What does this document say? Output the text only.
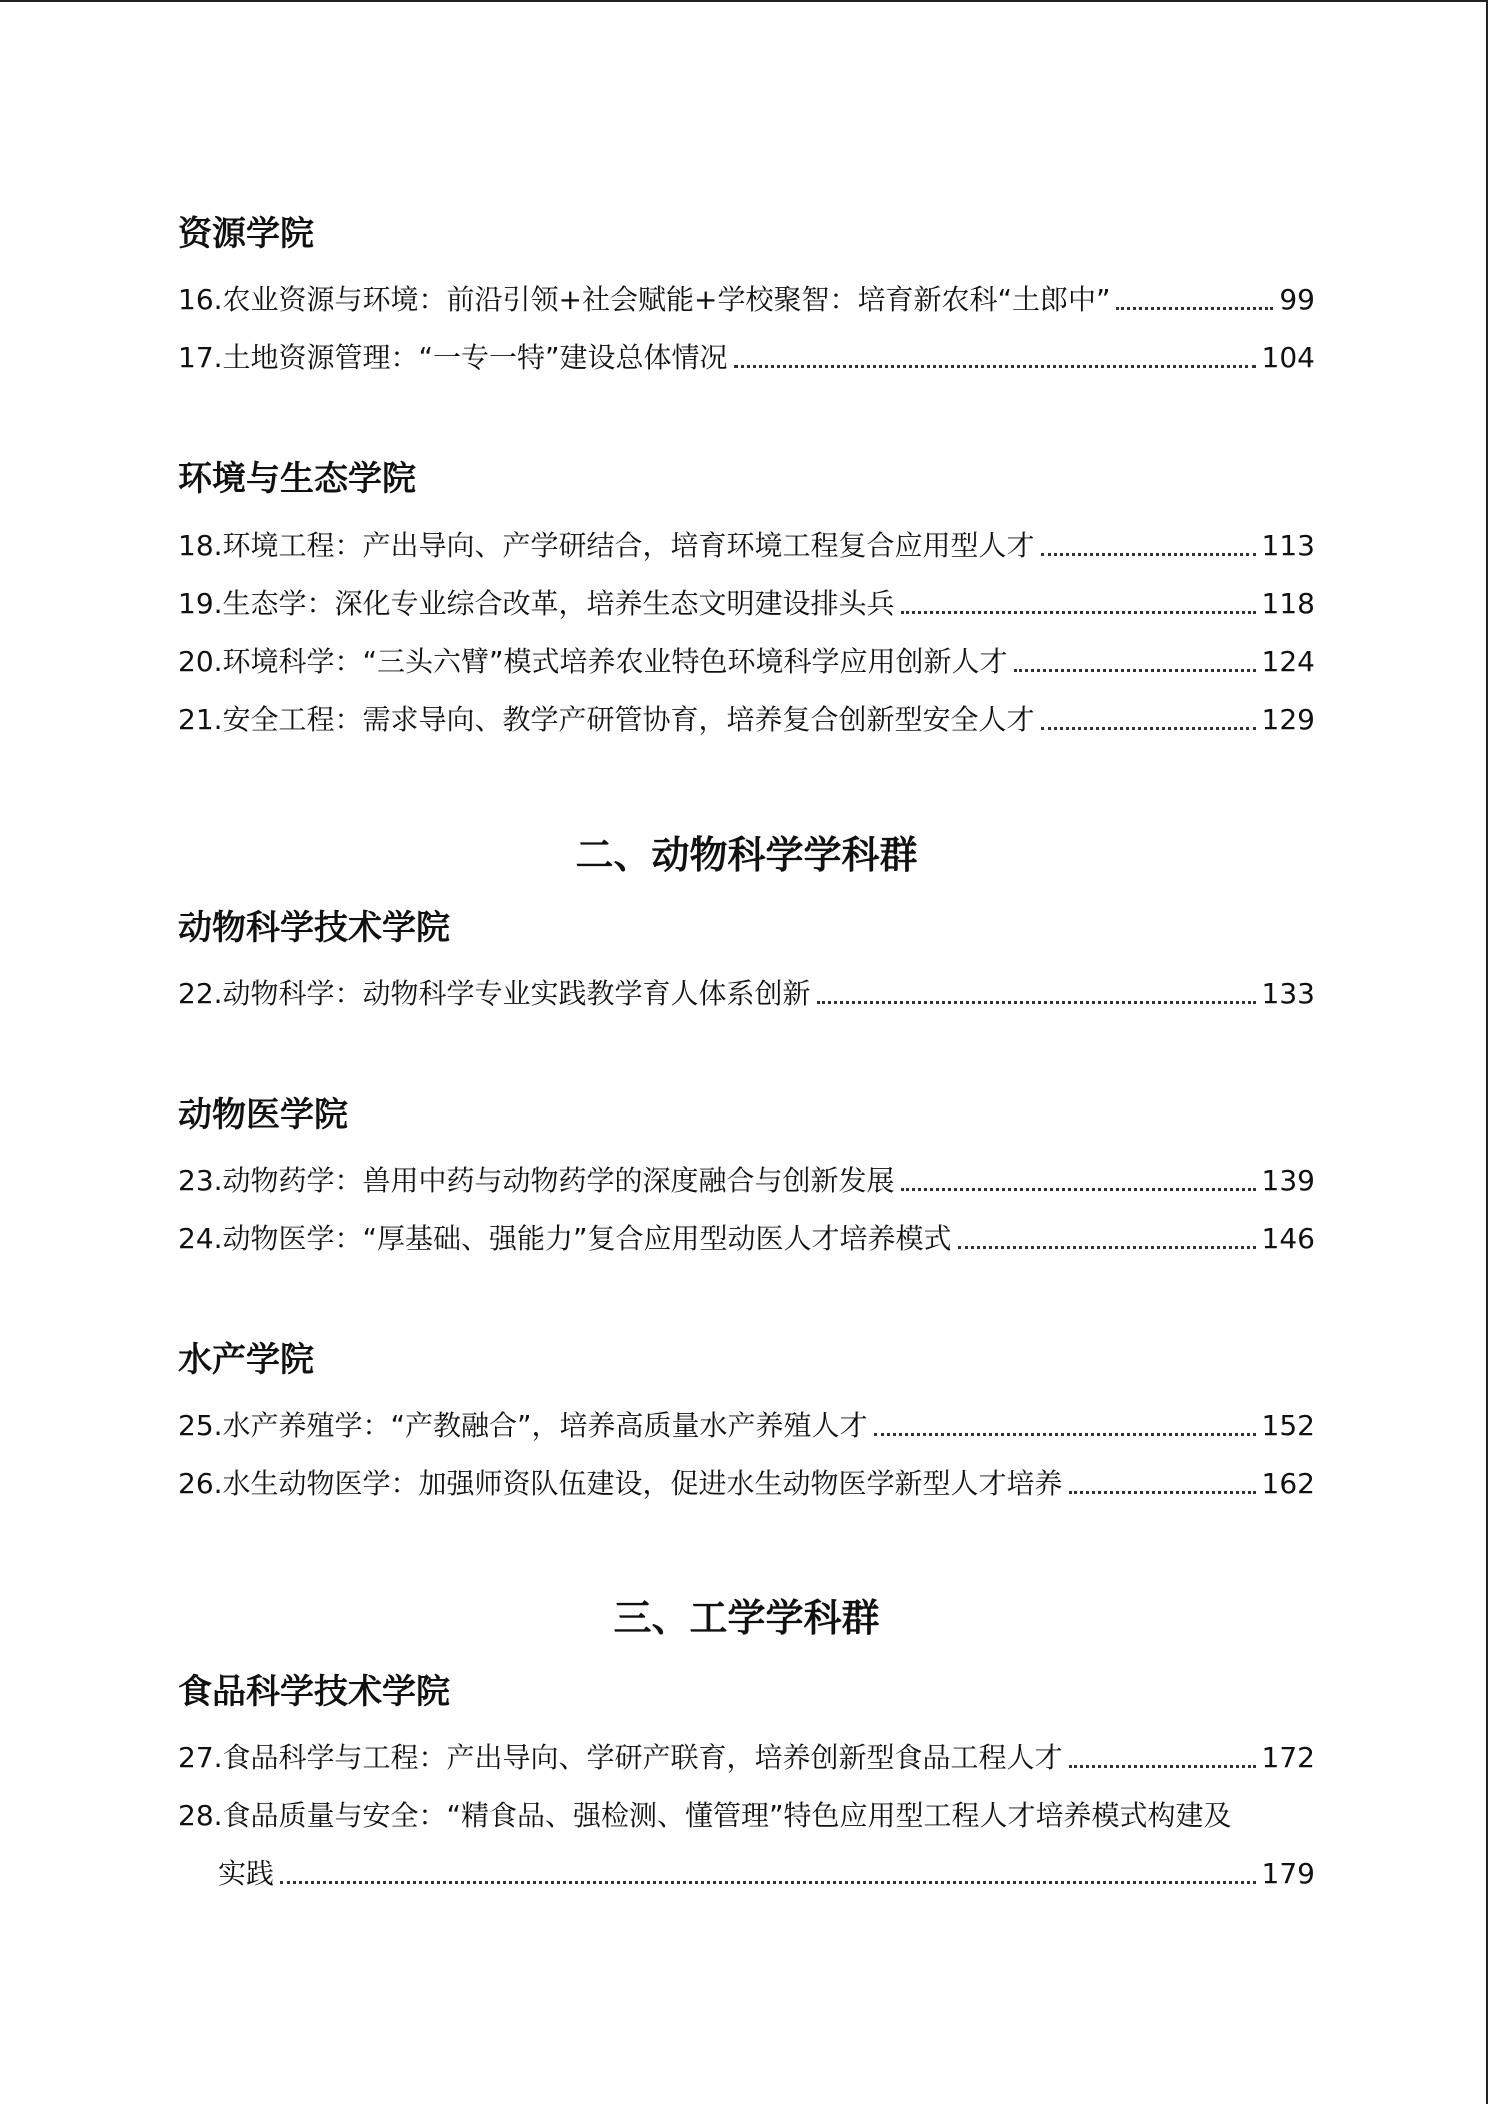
资源学院
16.农业资源与环境：前沿引领+社会赋能+学校聚智：培育新农科“土郎中”	99
17.土地资源管理：“一专一特”建设总体情况	104
环境与生态学院
18.环境工程：产出导向、产学研结合，培育环境工程复合应用型人才	113
19.生态学：深化专业综合改革，培养生态文明建设排头兵	118
20.环境科学：“三头六臂”模式培养农业特色环境科学应用创新人才	124
21.安全工程：需求导向、教学产研管协育，培养复合创新型安全人才	129
二、动物科学学科群
动物科学技术学院
22.动物科学：动物科学专业实践教学育人体系创新	133
动物医学院
23.动物药学：兽用中药与动物药学的深度融合与创新发展	139
24.动物医学：“厚基础、强能力”复合应用型动医人才培养模式	146
水产学院
25.水产养殖学：“产教融合”，培养高质量水产养殖人才	152
26.水生动物医学：加强师资队伍建设，促进水生动物医学新型人才培养	162
三、工学学科群
食品科学技术学院
27.食品科学与工程：产出导向、学研产联育，培养创新型食品工程人才	172
28.食品质量与安全：“精食品、强检测、懂管理”特色应用型工程人才培养模式构建及
实践	179
